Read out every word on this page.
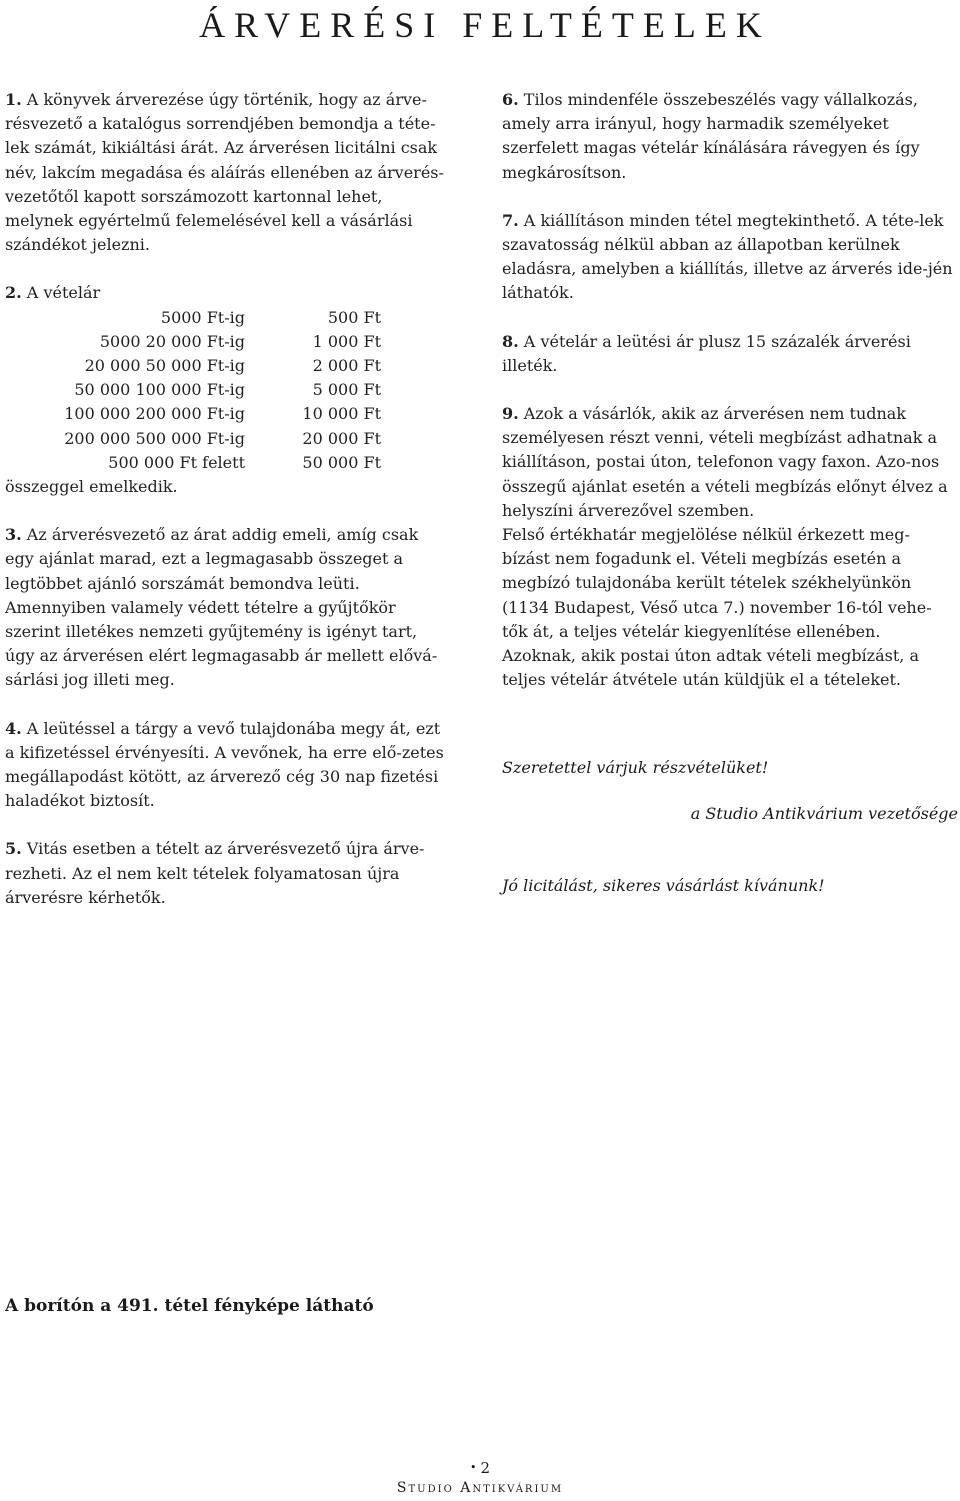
ÁRVERÉSI FELTÉTELEK

1. A könyvek árverezése úgy történik, hogy az árve-résvezető a katalógus sorrendjében bemondja a téte-lek számát, kikiáltási árát. Az árverésen licitálni csak név, lakcím megadása és aláírás ellenében az árverés-vezetőtől kapott sorszámozott kartonnal lehet, melynek egyértelmű felemelésével kell a vásárlási szándékot jelezni.

2. A vételár
5000 Ft-ig	500 Ft
5000 20 000 Ft-ig	1 000 Ft
20 000 50 000 Ft-ig	2 000 Ft
50 000 100 000 Ft-ig	5 000 Ft
100 000 200 000 Ft-ig	10 000 Ft
200 000 500 000 Ft-ig	20 000 Ft
500 000 Ft felett	50 000 Ft

összeggel emelkedik.

3. Az árverésvezető az árat addig emeli, amíg csak egy ajánlat marad, ezt a legmagasabb összeget a legtöbbet ajánló sorszámát bemondva leüti. Amennyiben valamely védett tételre a gyűjtőkör szerint illetékes nemzeti gyűjtemény is igényt tart, úgy az árverésen elért legmagasabb ár mellett elővá-sárlási jog illeti meg.

4. A leütéssel a tárgy a vevő tulajdonába megy át, ezt a kifizetéssel érvényesíti. A vevőnek, ha erre elő-zetes megállapodást kötött, az árverező cég 30 nap fizetési haladékot biztosít.

5. Vitás esetben a tételt az árverésvezető újra árve-rezheti. Az el nem kelt tételek folyamatosan újra árverésre kérhetők.

6. Tilos mindenféle összebeszélés vagy vállalkozás, amely arra irányul, hogy harmadik személyeket szerfelett magas vételár kínálására rávegyen és így megkárosítson.

7. A kiállításon minden tétel megtekinthető. A téte-lek szavatosság nélkül abban az állapotban kerülnek eladásra, amelyben a kiállítás, illetve az árverés ide-jén láthatók.

8. A vételár a leütési ár plusz 15 százalék árverési illeték.

9. Azok a vásárlók, akik az árverésen nem tudnak személyesen részt venni, vételi megbízást adhatnak a kiállításon, postai úton, telefonon vagy faxon. Azo-nos összegű ajánlat esetén a vételi megbízás előnyt élvez a helyszíni árverezővel szemben.
Felső értékhatár megjelölése nélkül érkezett meg-bízást nem fogadunk el. Vételi megbízás esetén a megbízó tulajdonába került tételek székhelyünkön (1134 Budapest, Véső utca 7.) november 16-tól vehe-tők át, a teljes vételár kiegyenlítése ellenében. Azoknak, akik postai úton adtak vételi megbízást, a teljes vételár átvétele után küldjük el a tételeket.

Szeretettel várjuk részvételüket!

a Studio Antikvárium vezetősége

Jó licitálást, sikeres vásárlást kívánunk!

A borítón a 491. tétel fényképe látható

• 2
Studio Antikvárium
